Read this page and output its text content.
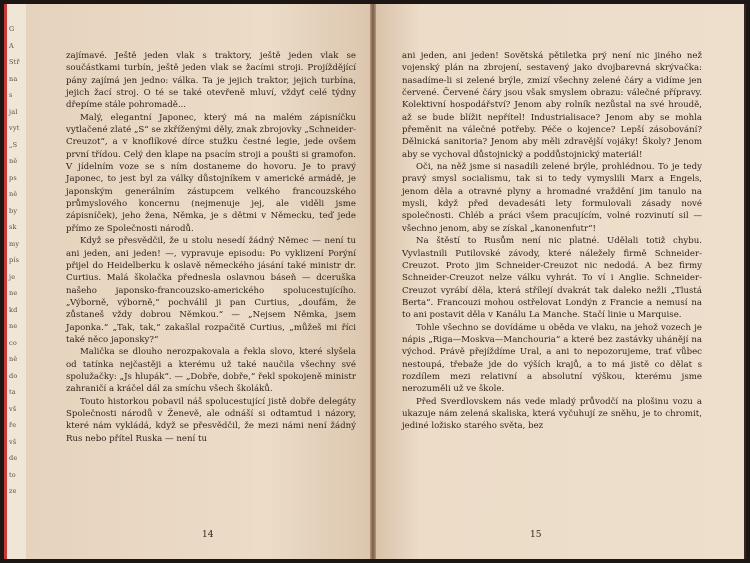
G
A
Stř
na
s
jal
vyt
„S
ně
ps
ně
by
sk
my
pís
je
ne
kd
ne
co
ně
do
ta
vš
ře
vš
de
to
ze

zajímavé. Ještě jeden vlak s traktory, ještě jeden vlak se součástkami turbín, ještě jeden vlak se žacími stroji. Projíždějící pány zajímá jen jedno: válka. Ta je jejich traktor, jejich turbína, jejich žací stroj. O té se také otevřeně mluví, vždyť celé týdny dřepíme stále pohromadě...

Malý, elegantní Japonec, který má na malém zápisníčku vytlačené zlaté „S“ se zkříženými děly, znak zbrojovky „Schneider-Creuzot“, a v knoflíkové dírce stužku čestné legie, jede ovšem první třídou. Celý den klape na psacím stroji a poušti si gramofon. V jídelním voze se s ním dostaneme do hovoru. Je to pravý Japonec, to jest byl za války důstojníkem v americké armádě, je japonským generálním zástupcem velkého francouzského průmyslového koncernu (nejmenuje jej, ale viděli jsme zápisníček), jeho žena, Němka, je s dětmi v Německu, teď jede přímo ze Společnosti národů.

Když se přesvědčil, že u stolu nesedí žádný Němec — není tu ani jeden, ani jeden! —, vypravuje episodu: Po vyklizení Porýní přijel do Heidelberku k oslavě německého jásání také ministr dr. Curtius. Malá školačka přednesla oslavnou báseň — dceruška našeho japonsko-francouzsko-amerického spolucestujícího. „Výborně, výborně,“ pochválil ji pan Curtius, „doufám, že zůstaneš vždy dobrou Němkou.“ — „Nejsem Němka, jsem Japonka.“ „Tak, tak,“ zakašlal rozpačitě Curtius, „můžeš mi říci také něco japonsky?“

Malička se dlouho nerozpakovala a řekla slovo, které slyšela od tatínka nejčastěji a kterému už také naučila všechny své spolužačky: „Js hlupák“. — „Dobře, dobře,“ řekl spokojeně ministr zahraničí a kráčel dál za smíchu všech školáků.

Touto historkou pobavil náš spolucestující jistě dobře delegáty Společnosti národů v Ženevě, ale odnáší si odtamtud i názory, které nám vykládá, když se přesvědčil, že mezi námi není žádný Rus nebo přítel Ruska — není tu

14

ani jeden, ani jeden! Sovětská pětiletka prý není nic jiného než vojenský plán na zbrojení, sestavený jako dvojbarevná skrývačka: nasadíme-li si zelené brýle, zmizí všechny zelené čáry a vidíme jen červené. Červené čáry jsou však smyslem obrazu: válečné přípravy. Kolektivní hospodářství? Jenom aby rolník nezůstal na své hroudě, až se bude blížit nepřítel! Industrialisace? Jenom aby se mohla přeměnit na válečné potřeby. Péče o kojence? Lepší zásobování? Dělnická sanitoria? Jenom aby měli zdravější vojáky! Školy? Jenom aby se vychoval důstojnický a poddůstojnický materiál!

Oči, na něž jsme si nasadili zelené brýle, prohlédnou. To je tedy pravý smysl socialismu, tak si to tedy vymyslili Marx a Engels, jenom děla a otravné plyny a hromadné vraždění jim tanulo na mysli, když před devadesáti lety formulovali zásady nové společnosti. Chléb a práci všem pracujícím, volné rozvinutí sil — všechno jenom, aby se získal „kanonenfutr“!

Na štěstí to Rusům není nic platné. Udělali totiž chybu. Vyvlastnili Putilovské závody, které náležely firmě Schneider-Creuzot. Proto jim Schneider-Creuzot nic nedodá. A bez firmy Schneider-Creuzot nelze válku vyhrát. To ví i Anglie. Schneider-Creuzot vyrábí děla, která střílejí dvakrát tak daleko nežli „Tlustá Berta“. Francouzi mohou ostřelovat Londýn z Francie a nemusí na to ani postavit děla v Kanálu La Manche. Stačí linie u Marquise.

Tohle všechno se dovídáme u oběda ve vlaku, na jehož vozech je nápis „Riga—Moskva—Manchouria“ a které bez zastávky uhánějí na východ. Právě přejíždíme Ural, a ani to nepozorujeme, trať vůbec nestoupá, třebaže jde do výších krajů, a to má jistě co dělat s rozdílem mezi relativní a absolutní výškou, kterému jsme nerozuměli už ve škole.

Před Sverdlovskem nás vede mladý průvodčí na plošinu vozu a ukazuje nám zelená skaliska, která vyčuhují ze sněhu, je to chromit, jediné ložisko starého světa, bez

15
